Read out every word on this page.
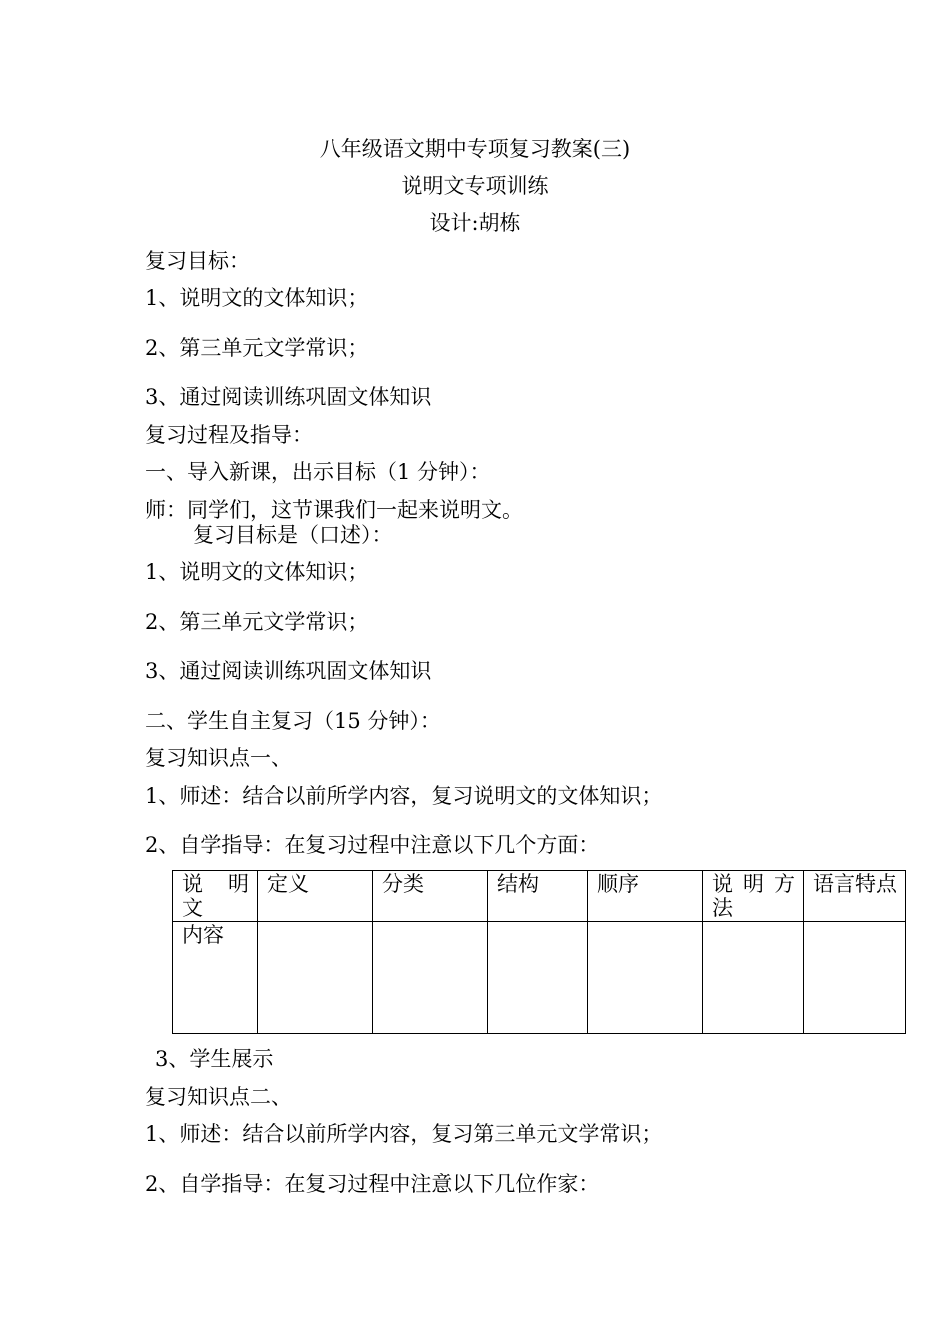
八年级语文期中专项复习教案(三)

说明文专项训练

设计:胡栋

复习目标：

1、说明文的文体知识；

2、第三单元文学常识；

3、通过阅读训练巩固文体知识

复习过程及指导：

一、导入新课，出示目标（1 分钟）：

师：同学们，这节课我们一起来说明文。

复习目标是（口述）：

1、说明文的文体知识；

2、第三单元文学常识；

3、通过阅读训练巩固文体知识

二、学生自主复习（15 分钟）：

复习知识点一、

1、师述：结合以前所学内容，复习说明文的文体知识；

2、自学指导：在复习过程中注意以下几个方面：

说 明 文	定义	分类	结构	顺序	说 明 方 法	语言特点
内容						

3、学生展示

复习知识点二、

1、师述：结合以前所学内容，复习第三单元文学常识；

2、自学指导：在复习过程中注意以下几位作家：
